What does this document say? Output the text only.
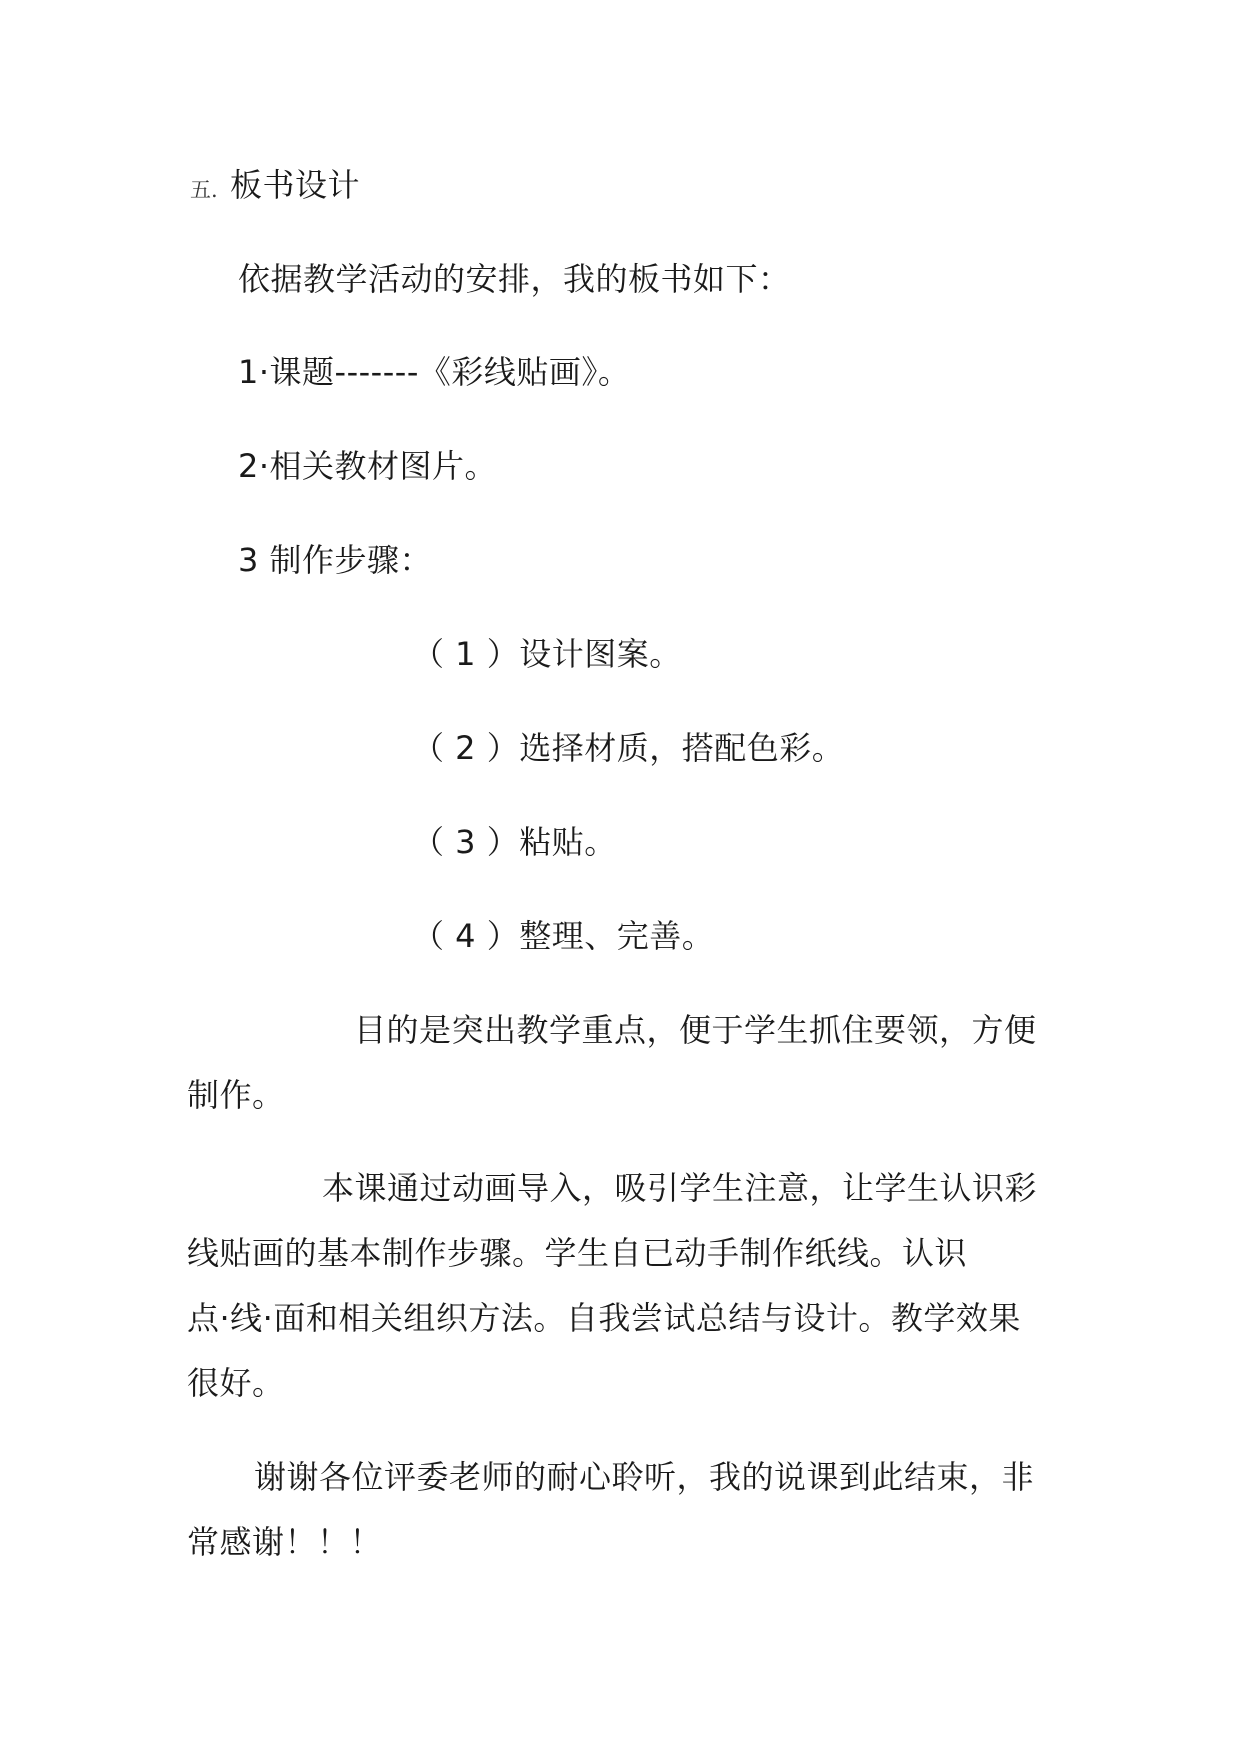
五. 板书设计
依据教学活动的安排，我的板书如下：
1·课题-------《彩线贴画》。
2·相关教材图片。
3 制作步骤：
（ 1 ）设计图案。
（ 2 ）选择材质，搭配色彩。
（ 3 ）粘贴。
（ 4 ）整理、完善。
目的是突出教学重点，便于学生抓住要领，方便
制作。
本课通过动画导入，吸引学生注意，让学生认识彩
线贴画的基本制作步骤。学生自已动手制作纸线。认识
点·线·面和相关组织方法。自我尝试总结与设计。教学效果
很好。
谢谢各位评委老师的耐心聆听，我的说课到此结束，非
常感谢！！！
